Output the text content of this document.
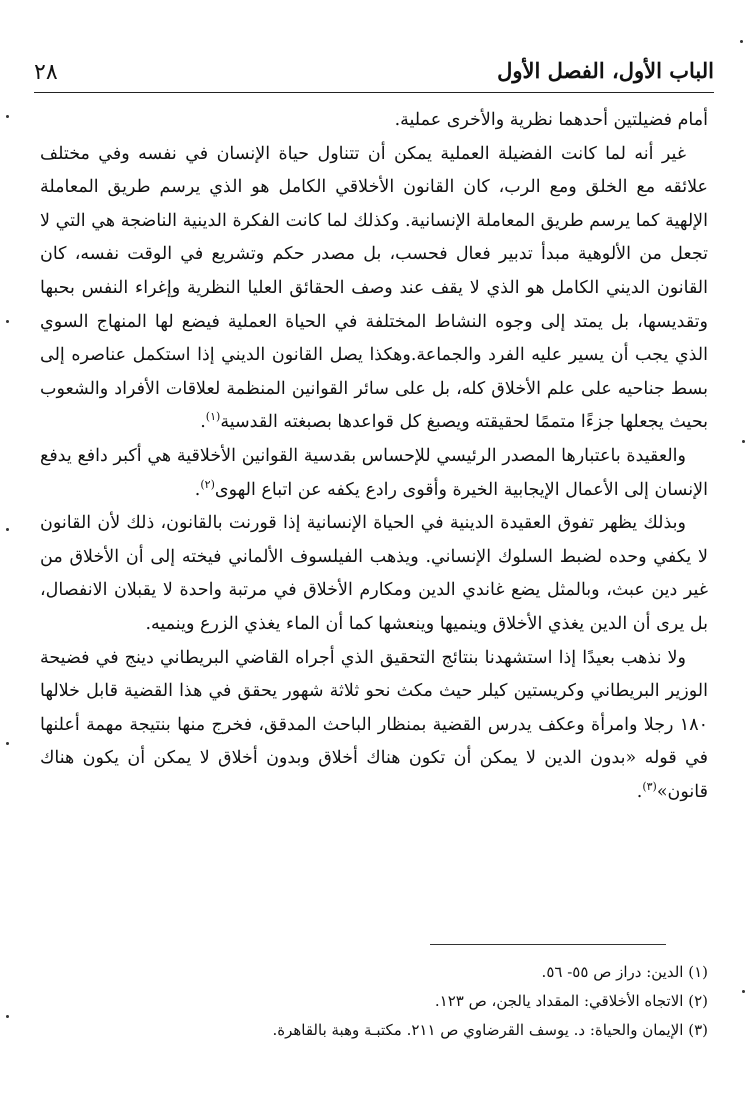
الباب الأول، الفصل الأول
٢٨

أمام فضيلتين أحدهما نظرية والأخرى عملية.

غير أنه لما كانت الفضيلة العملية يمكن أن تتناول حياة الإنسان في نفسه وفي مختلف علائقه مع الخلق ومع الرب، كان القانون الأخلاقي الكامل هو الذي يرسم طريق المعاملة الإلهية كما يرسم طريق المعاملة الإنسانية. وكذلك لما كانت الفكرة الدينية الناضجة هي التي لا تجعل من الألوهية مبدأ تدبير فعال فحسب، بل مصدر حكم وتشريع في الوقت نفسه، كان القانون الديني الكامل هو الذي لا يقف عند وصف الحقائق العليا النظرية وإغراء النفس بحبها وتقديسها، بل يمتد إلى وجوه النشاط المختلفة في الحياة العملية فيضع لها المنهاج السوي الذي يجب أن يسير عليه الفرد والجماعة.وهكذا يصل القانون الديني إذا استكمل عناصره إلى بسط جناحيه على علم الأخلاق كله، بل على سائر القوانين المنظمة لعلاقات الأفراد والشعوب بحيث يجعلها جزءًا متممًا لحقيقته ويصبغ كل قواعدها بصبغته القدسية$^{(١)}$.

والعقيدة باعتبارها المصدر الرئيسي للإحساس بقدسية القوانين الأخلاقية هي أكبر دافع يدفع الإنسان إلى الأعمال الإيجابية الخيرة وأقوى رادع يكفه عن اتباع الهوى$^{(٢)}$.

وبذلك يظهر تفوق العقيدة الدينية في الحياة الإنسانية إذا قورنت بالقانون، ذلك لأن القانون لا يكفي وحده لضبط السلوك الإنساني. ويذهب الفيلسوف الألماني فيخته إلى أن الأخلاق من غير دين عبث، وبالمثل يضع غاندي الدين ومكارم الأخلاق في مرتبة واحدة لا يقبلان الانفصال، بل يرى أن الدين يغذي الأخلاق وينميها وينعشها كما أن الماء يغذي الزرع وينميه.

ولا نذهب بعيدًا إذا استشهدنا بنتائج التحقيق الذي أجراه القاضي البريطاني دينج في فضيحة الوزير البريطاني وكريستين كيلر حيث مكث نحو ثلاثة شهور يحقق في هذا القضية قابل خلالها ١٨٠ رجلا وامرأة وعكف يدرس القضية بمنظار الباحث المدقق، فخرج منها بنتيجة مهمة أعلنها في قوله «بدون الدين لا يمكن أن تكون هناك أخلاق وبدون أخلاق لا يمكن أن يكون هناك قانون»$^{(٣)}$.

(١) الدين: دراز ص ٥٥- ٥٦.
(٢) الاتجاه الأخلاقي: المقداد يالجن، ص ١٢٣.
(٣) الإيمان والحياة: د. يوسف القرضاوي ص ٢١١. مكتبـة وهبة بالقاهرة.
